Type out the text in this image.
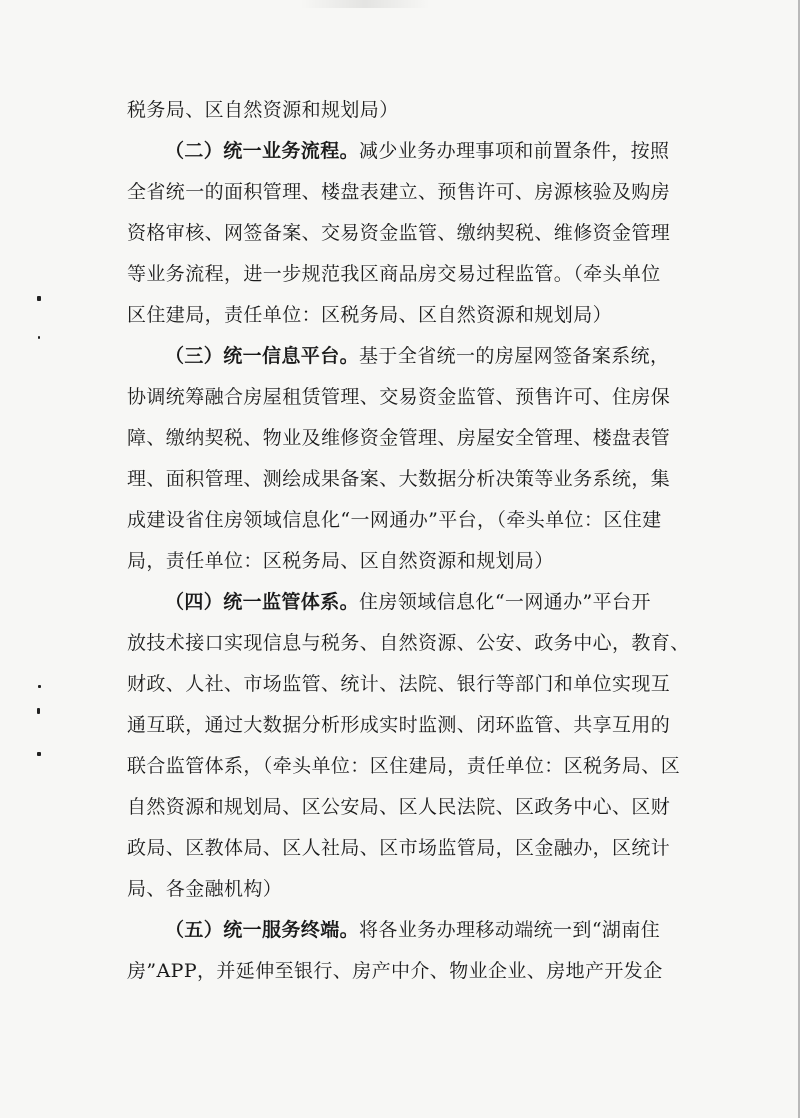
税务局、区自然资源和规划局）

（二）统一业务流程。减少业务办理事项和前置条件，按照
全省统一的面积管理、楼盘表建立、预售许可、房源核验及购房
资格审核、网签备案、交易资金监管、缴纳契税、维修资金管理
等业务流程，进一步规范我区商品房交易过程监管。（牵头单位
区住建局，责任单位：区税务局、区自然资源和规划局）

（三）统一信息平台。基于全省统一的房屋网签备案系统，
协调统筹融合房屋租赁管理、交易资金监管、预售许可、住房保
障、缴纳契税、物业及维修资金管理、房屋安全管理、楼盘表管
理、面积管理、测绘成果备案、大数据分析决策等业务系统，集
成建设省住房领域信息化“一网通办”平台，（牵头单位：区住建
局，责任单位：区税务局、区自然资源和规划局）

（四）统一监管体系。住房领域信息化“一网通办”平台开
放技术接口实现信息与税务、自然资源、公安、政务中心，教育、
财政、人社、市场监管、统计、法院、银行等部门和单位实现互
通互联，通过大数据分析形成实时监测、闭环监管、共享互用的
联合监管体系，（牵头单位：区住建局，责任单位：区税务局、区
自然资源和规划局、区公安局、区人民法院、区政务中心、区财
政局、区教体局、区人社局、区市场监管局，区金融办，区统计
局、各金融机构）

（五）统一服务终端。将各业务办理移动端统一到“湖南住
房”APP，并延伸至银行、房产中介、物业企业、房地产开发企
